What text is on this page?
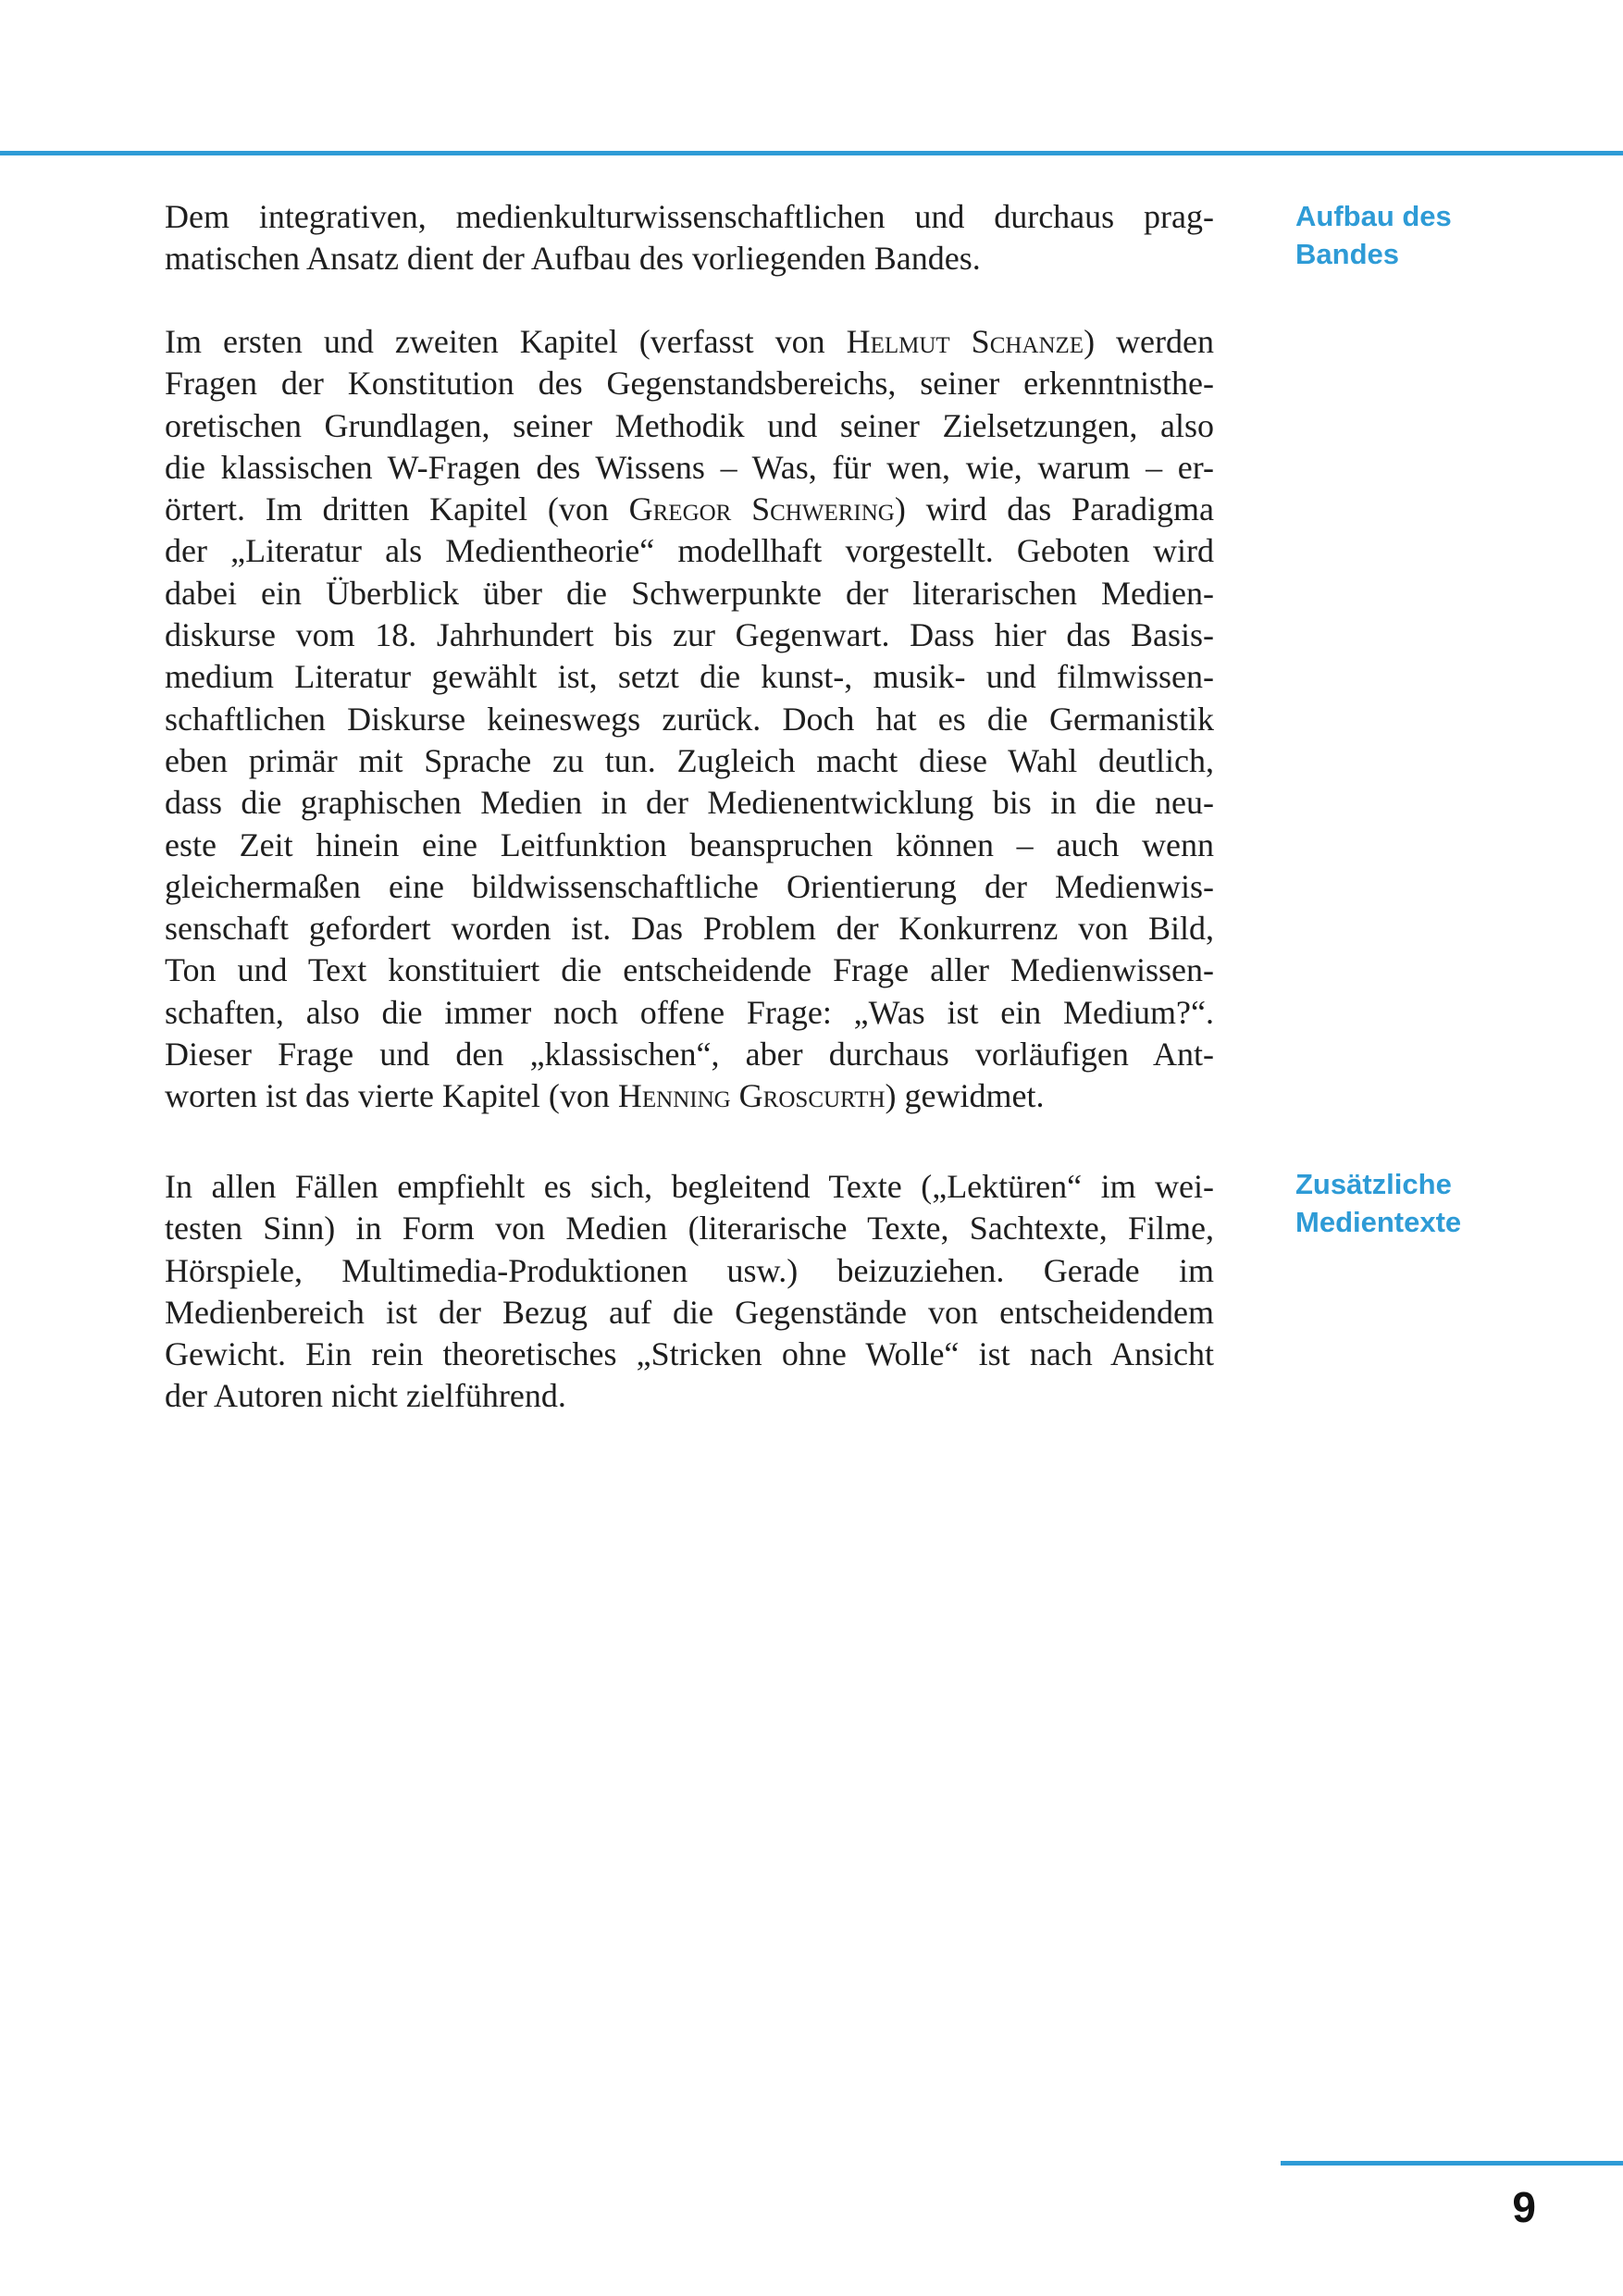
Dem integrativen, medienkulturwissenschaftlichen und durchaus prag-
matischen Ansatz dient der Aufbau des vorliegenden Bandes.
Aufbau des
Bandes
Im ersten und zweiten Kapitel (verfasst von Helmut Schanze) werden
Fragen der Konstitution des Gegenstandsbereichs, seiner erkenntnisthe-
oretischen Grundlagen, seiner Methodik und seiner Zielsetzungen, also
die klassischen W-Fragen des Wissens – Was, für wen, wie, warum – er-
örtert. Im dritten Kapitel (von Gregor Schwering) wird das Paradigma
der „Literatur als Medientheorie“ modellhaft vorgestellt. Geboten wird
dabei ein Überblick über die Schwerpunkte der literarischen Medien-
diskurse vom 18. Jahrhundert bis zur Gegenwart. Dass hier das Basis-
medium Literatur gewählt ist, setzt die kunst-, musik- und filmwissen-
schaftlichen Diskurse keineswegs zurück. Doch hat es die Germanistik
eben primär mit Sprache zu tun. Zugleich macht diese Wahl deutlich,
dass die graphischen Medien in der Medienentwicklung bis in die neu-
este Zeit hinein eine Leitfunktion beanspruchen können – auch wenn
gleichermaßen eine bildwissenschaftliche Orientierung der Medienwis-
senschaft gefordert worden ist. Das Problem der Konkurrenz von Bild,
Ton und Text konstituiert die entscheidende Frage aller Medienwissen-
schaften, also die immer noch offene Frage: „Was ist ein Medium?“.
Dieser Frage und den „klassischen“, aber durchaus vorläufigen Ant-
worten ist das vierte Kapitel (von Henning Groscurth) gewidmet.
In allen Fällen empfiehlt es sich, begleitend Texte („Lektüren“ im wei-
testen Sinn) in Form von Medien (literarische Texte, Sachtexte, Filme,
Hörspiele, Multimedia-Produktionen usw.) beizuziehen. Gerade im
Medienbereich ist der Bezug auf die Gegenstände von entscheidendem
Gewicht. Ein rein theoretisches „Stricken ohne Wolle“ ist nach Ansicht
der Autoren nicht zielführend.
Zusätzliche
Medientexte
9
